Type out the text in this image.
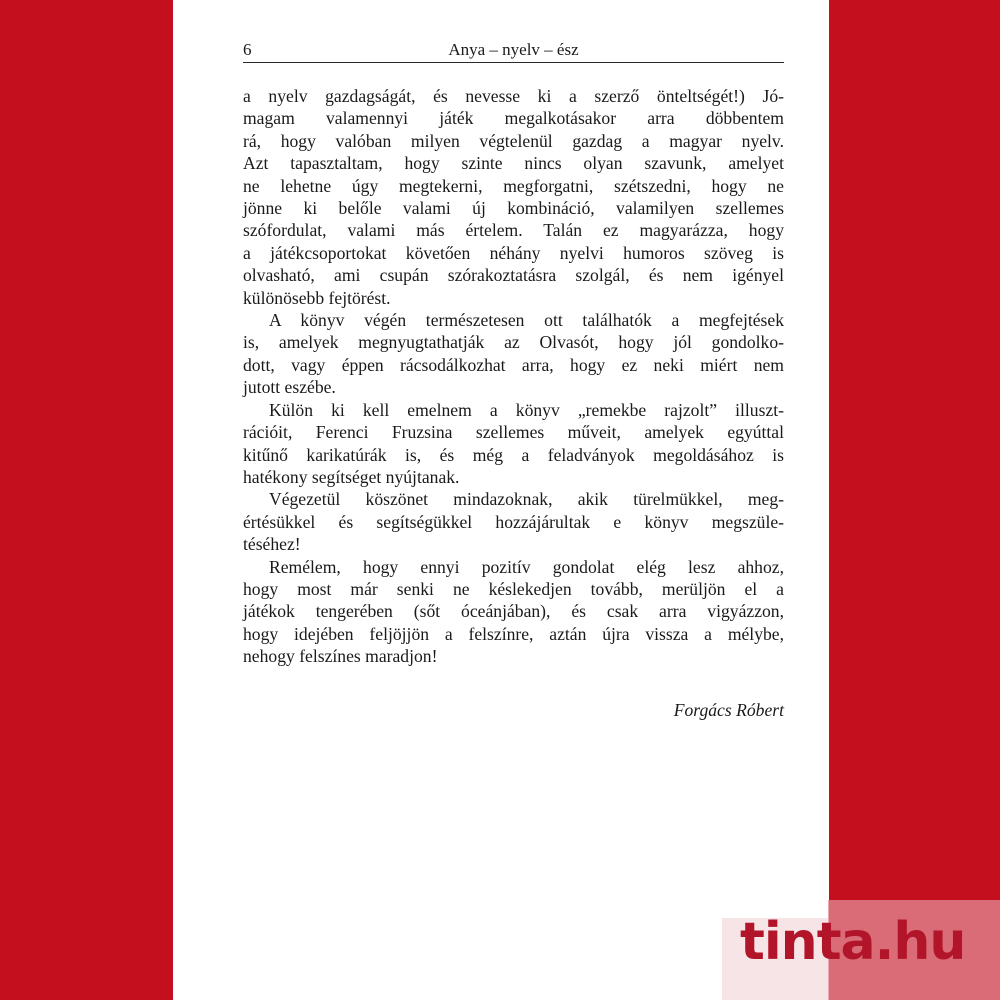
6	Anya – nyelv – ész
a nyelv gazdagságát, és nevesse ki a szerző önteltségét!) Jó-
magam valamennyi játék megalkotásakor arra döbbentem
rá, hogy valóban milyen végtelenül gazdag a magyar nyelv.
Azt tapasztaltam, hogy szinte nincs olyan szavunk, amelyet
ne lehetne úgy megtekerni, megforgatni, szétszedni, hogy ne
jönne ki belőle valami új kombináció, valamilyen szellemes
szófordulat, valami más értelem. Talán ez magyarázza, hogy
a játékcsoportokat követően néhány nyelvi humoros szöveg is
olvasható, ami csupán szórakoztatásra szolgál, és nem igényel
különösebb fejtörést.
A könyv végén természetesen ott találhatók a megfejtések
is, amelyek megnyugtathatják az Olvasót, hogy jól gondolko-
dott, vagy éppen rácsodálkozhat arra, hogy ez neki miért nem
jutott eszébe.
Külön ki kell emelnem a könyv „remekbe rajzolt” illuszt-
rációit, Ferenci Fruzsina szellemes műveit, amelyek egyúttal
kitűnő karikatúrák is, és még a feladványok megoldásához is
hatékony segítséget nyújtanak.
Végezetül köszönet mindazoknak, akik türelmükkel, meg-
értésükkel és segítségükkel hozzájárultak e könyv megszüle-
téséhez!
Remélem, hogy ennyi pozitív gondolat elég lesz ahhoz,
hogy most már senki ne késlekedjen tovább, merüljön el a
játékok tengerében (sőt óceánjában), és csak arra vigyázzon,
hogy idejében feljöjjön a felszínre, aztán újra vissza a mélybe,
nehogy felszínes maradjon!
Forgács Róbert
tinta.hu
